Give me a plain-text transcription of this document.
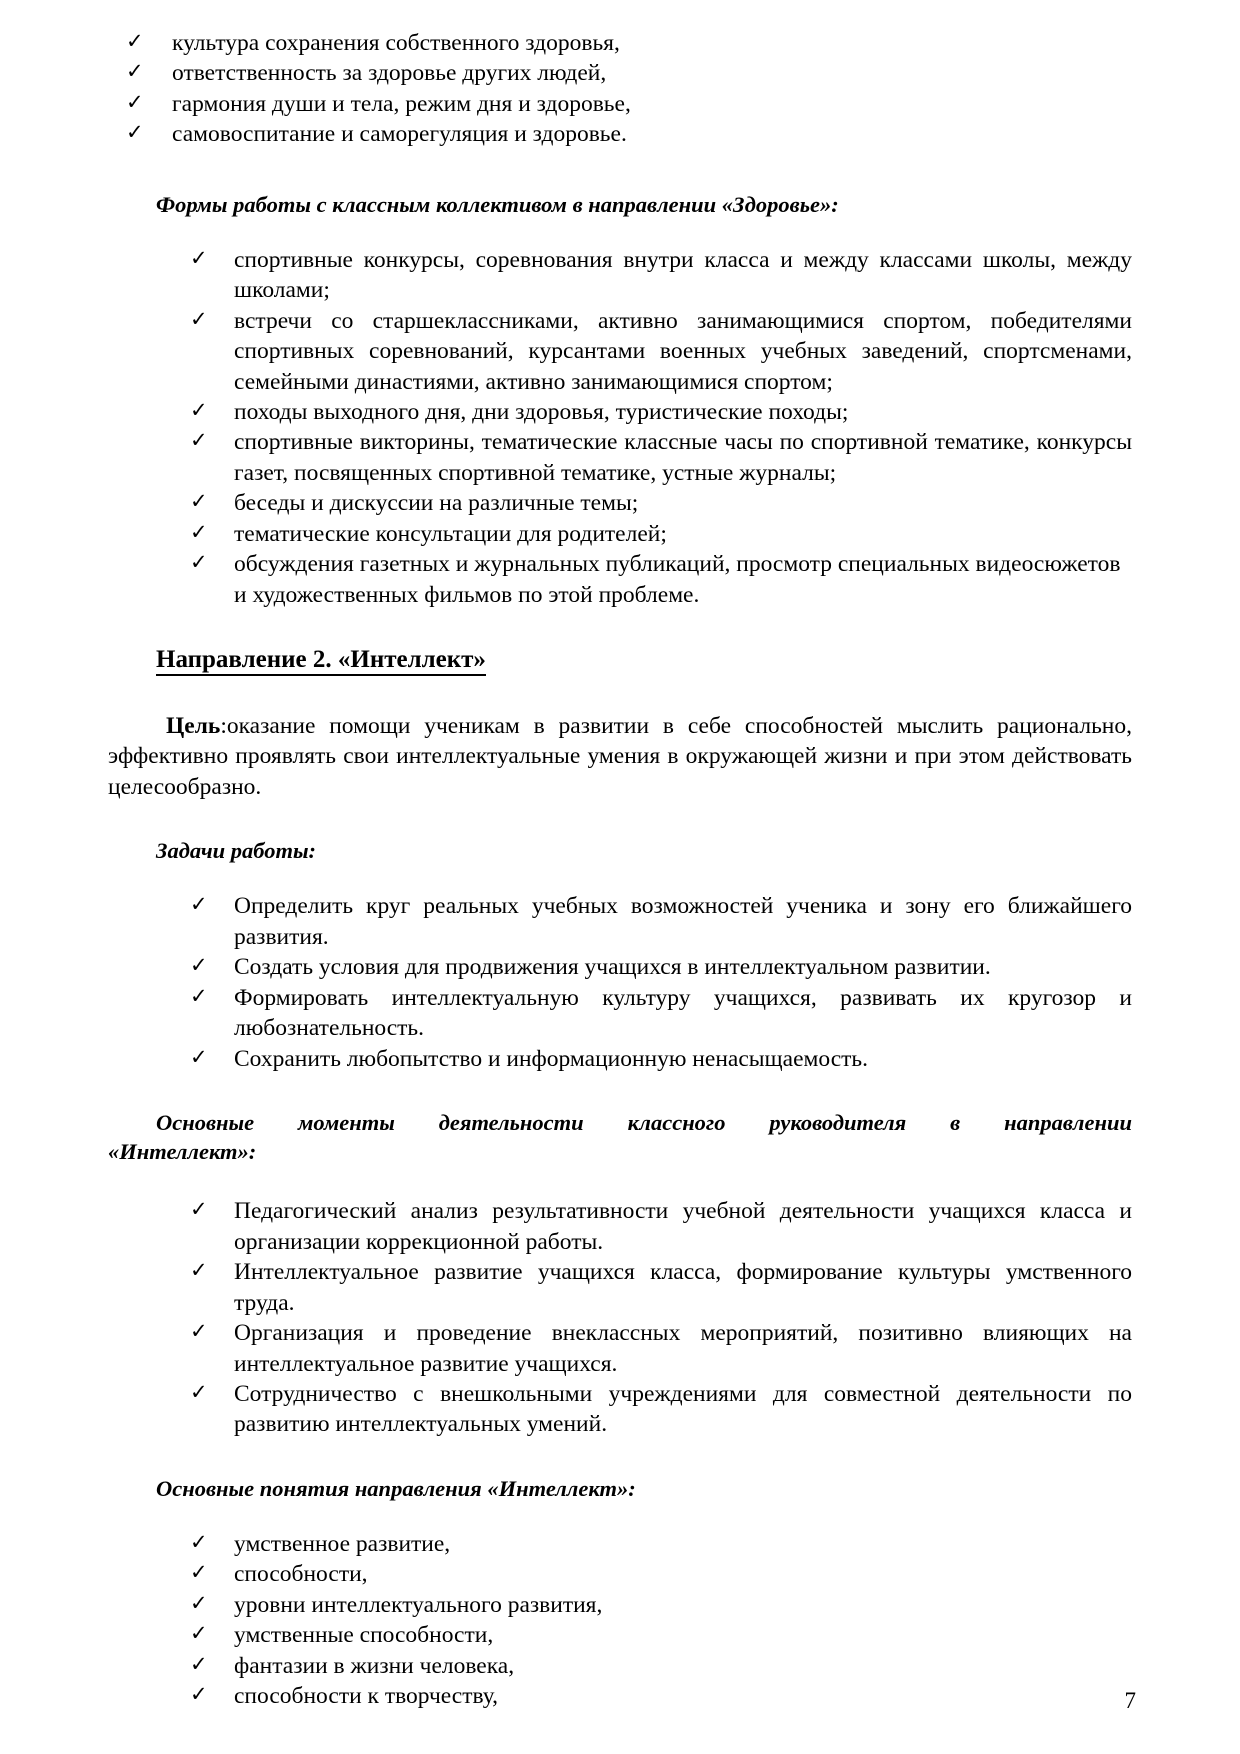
✓	культура сохранения собственного здоровья,
✓	ответственность за здоровье других людей,
✓	гармония души и тела, режим дня и здоровье,
✓	самовоспитание и саморегуляция и здоровье.

Формы работы с классным коллективом в направлении «Здоровье»:

✓	спортивные конкурсы, соревнования внутри класса и между классами школы, между школами;
✓	встречи со старшеклассниками, активно занимающимися спортом, победителями спортивных соревнований, курсантами военных учебных заведений, спортсменами, семейными династиями, активно занимающимися спортом;
✓	походы выходного дня, дни здоровья, туристические походы;
✓	спортивные викторины, тематические классные часы по спортивной тематике, конкурсы газет, посвященных спортивной тематике, устные журналы;
✓	беседы и дискуссии на различные темы;
✓	тематические консультации для родителей;
✓	обсуждения газетных и журнальных публикаций, просмотр специальных видеосюжетов и художественных фильмов по этой проблеме.
Направление 2. «Интеллект»

Цель:оказание помощи ученикам в развитии в себе способностей мыслить рационально, эффективно проявлять свои интеллектуальные умения в окружающей жизни и при этом действовать целесообразно.

Задачи работы:

✓	Определить круг реальных учебных возможностей ученика и зону его ближайшего развития.
✓	Создать условия для продвижения учащихся в интеллектуальном развитии.
✓	Формировать интеллектуальную культуру учащихся, развивать их кругозор и любознательность.
✓	Сохранить любопытство и информационную ненасыщаемость.

Основные моменты деятельности классного руководителя в направлении
«Интеллект»:

✓	Педагогический анализ результативности учебной деятельности учащихся класса и организации коррекционной работы.
✓	Интеллектуальное развитие учащихся класса, формирование культуры умственного труда.
✓	Организация и проведение внеклассных мероприятий, позитивно влияющих на интеллектуальное развитие учащихся.
✓	Сотрудничество с внешкольными учреждениями для совместной деятельности по развитию интеллектуальных умений.

Основные понятия направления «Интеллект»:

✓	умственное развитие,
✓	способности,
✓	уровни интеллектуального развития,
✓	умственные способности,
✓	фантазии в жизни человека,
✓	способности к творчеству,	7
